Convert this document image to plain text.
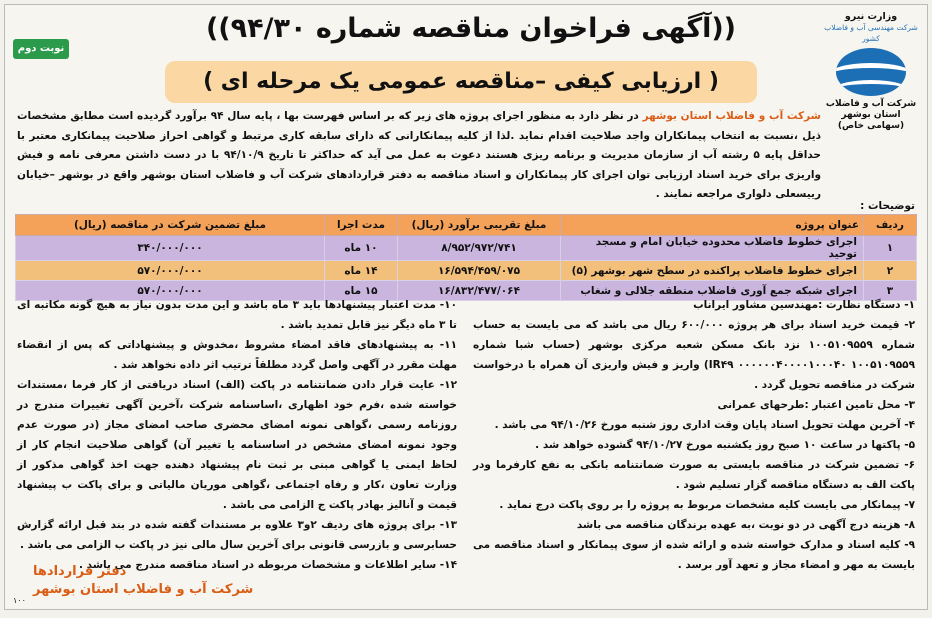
وزارت نیرو
شرکت مهندسی آب و فاضلاب کشور
شرکت آب و فاضلاب استان بوشهر (سهامی خاص)
((آگهی فراخوان مناقصه شماره ۹۴/۳۰))
( ارزیابی کیفی –مناقصه عمومی یک مرحله ای )
نوبت دوم
شرکت آب و فاضلاب استان بوشهر در نظر دارد به منظور اجرای پروژه های زیر که بر اساس فهرست بها ، پایه سال ۹۴ برآورد گردیده است مطابق مشخصات ذیل ،نسبت به انتخاب پیمانکاران واجد صلاحیت اقدام نماید .لذا از کلیه پیمانکارانی که دارای سابقه کاری مرتبط و گواهی احراز صلاحیت پیمانکاری معتبر با حداقل پایه ۵ رشته آب از سازمان مدیریت و برنامه ریزی هستند دعوت به عمل می آید که حداکثر تا تاریخ ۹۴/۱۰/۹ با در دست داشتن معرفی نامه و فیش واریزی برای خرید اسناد ارزیابی توان اجرای کار پیمانکاران و اسناد مناقصه به دفتر قراردادهای شرکت آب و فاضلاب استان بوشهر واقع در بوشهر –خیابان رییسعلی دلواری مراجعه نمایند .
توضیحات :
ردیف	عنوان پروژه	مبلغ تقریبی برآورد (ریال)	مدت اجرا	مبلغ تضمین شرکت در مناقصه (ریال)
۱	اجرای خطوط فاضلاب محدوده خیابان امام و مسجد توحید	۸/۹۵۲/۹۷۲/۷۴۱	۱۰ ماه	۳۴۰/۰۰۰/۰۰۰
۲	اجرای خطوط فاضلاب پراکنده در سطح شهر بوشهر (۵)	۱۶/۵۹۴/۴۵۹/۰۷۵	۱۴ ماه	۵۷۰/۰۰۰/۰۰۰
۳	اجرای شبکه جمع آوری فاضلاب منطقه جلالی و شغاب	۱۶/۸۳۲/۴۷۷/۰۶۴	۱۵ ماه	۵۷۰/۰۰۰/۰۰۰

۱- دستگاه نظارت :مهندسین مشاور ایراناب

۲- قیمت خرید اسناد برای هر پروژه ۶۰۰/۰۰۰ ریال می باشد که می بایست به حساب شماره ۱۰۰۵۱۰۹۵۵۹ نزد بانک مسکن شعبه مرکزی بوشهر (حساب شبا شماره ۱۰۰۵۱۰۹۵۵۹ ۰۰۰۰۰۰۴۰۰۰۰۱۰۰۰۴۰ IR۴۹) واریز و فیش واریزی آن همراه با درخواست شرکت در مناقصه تحویل گردد .

۳- محل تامین اعتبار :طرحهای عمرانی

۴- آخرین مهلت تحویل اسناد پایان وقت اداری روز شنبه مورخ ۹۴/۱۰/۲۶ می باشد .

۵- پاکتها در ساعت ۱۰ صبح روز یکشنبه مورخ ۹۴/۱۰/۲۷ گشوده خواهد شد .

۶- تضمین شرکت در مناقصه بایستی به صورت ضمانتنامه بانکی به نفع کارفرما ودر پاکت الف به دستگاه مناقصه گزار تسلیم شود .

۷- پیمانکار می بایست کلیه مشخصات مربوط به پروژه را بر روی پاکت درج نماید .

۸- هزینه درج آگهی در دو نوبت ،به عهده برندگان مناقصه می باشد

۹- کلیه اسناد و مدارک خواسته شده و ارائه شده از سوی پیمانکار و اسناد مناقصه می بایست به مهر و امضاء مجاز و تعهد آور برسد .

۱۰- مدت اعتبار پیشنهادها باید ۳ ماه باشد و این مدت بدون نیاز به هیچ گونه مکاتبه ای تا ۳ ماه دیگر نیز قابل تمدید باشد .

۱۱- به پیشنهادهای فاقد امضاء مشروط ،مخدوش و پیشنهاداتی که پس از انقضاء مهلت مقرر در آگهی واصل گردد مطلقاً ترتیب اثر داده نخواهد شد .

۱۲- عایت قرار دادن ضمانتنامه در پاکت (الف) اسناد دریافتی از کار فرما ،مستندات خواسته شده ،فرم خود اظهاری ،اساسنامه شرکت ،آخرین آگهی تغییرات مندرج در روزنامه رسمی ،گواهی نمونه امضای محضری صاحب امضای مجاز (در صورت عدم وجود نمونه امضای مشخص در اساسنامه یا تغییر آن) گواهی صلاحیت انجام کار از لحاظ ایمنی یا گواهی مبنی بر ثبت نام پیشنهاد دهنده جهت اخذ گواهی مذکور از وزارت تعاون ،کار و رفاه اجتماعی ،گواهی موریان مالیاتی و برای پاکت ب پیشنهاد قیمت و آنالیز بهادر پاکت ج الزامی می باشد .

۱۳- برای پروژه های ردیف ۲و۳ علاوه بر مستندات گفته شده در بند قبل ارائه گزارش حسابرسی و بازرسی قانونی برای آخرین سال مالی نیز در پاکت ب الزامی می باشد .

۱۴- سایر اطلاعات و مشخصات مربوطه در اسناد مناقصه مندرج می باشد .

دفتر قراردادها
شرکت آب و فاضلاب استان بوشهر
۱۰۰
